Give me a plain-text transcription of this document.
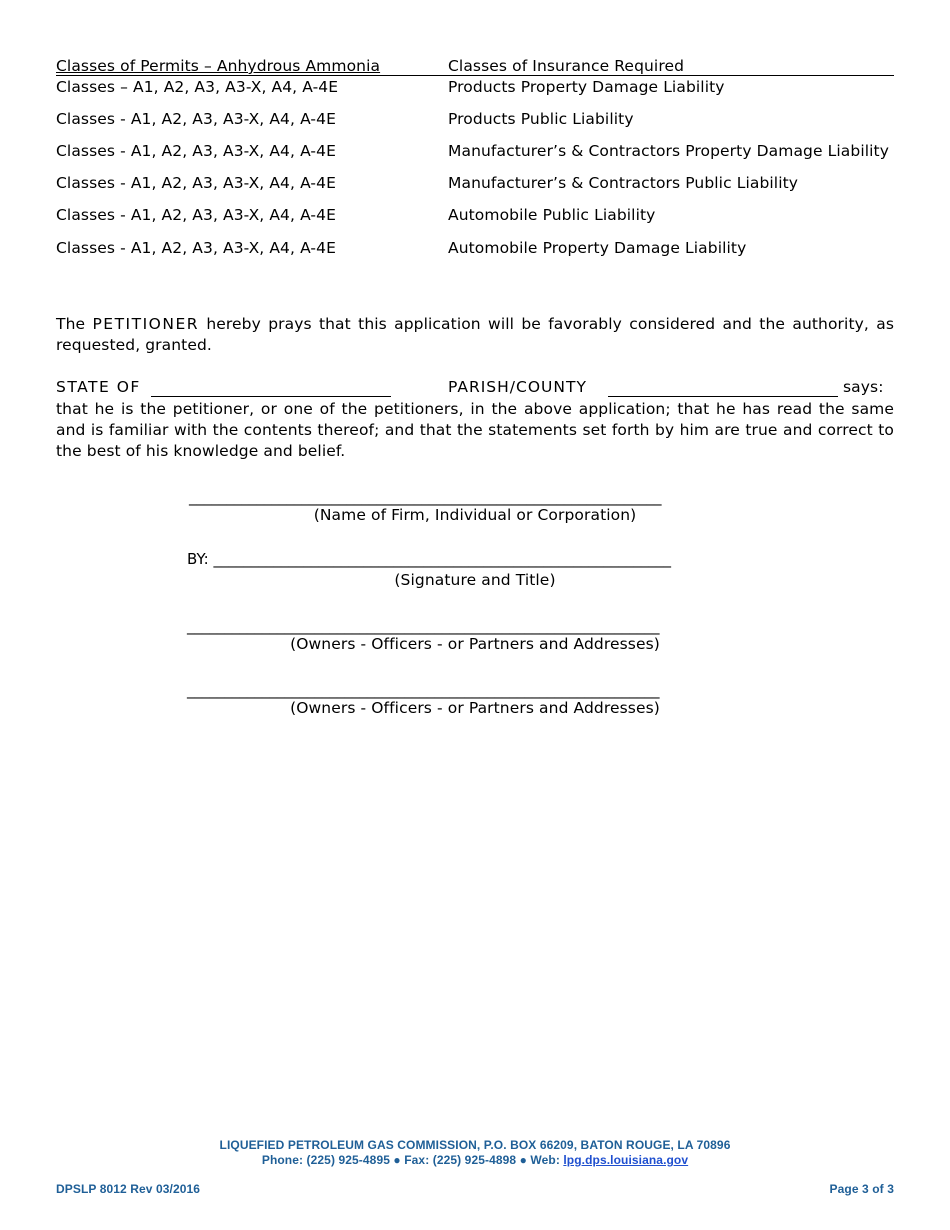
Classes of Permits – Anhydrous Ammonia	Classes of Insurance Required
Classes – A1, A2, A3, A3-X, A4, A-4E	Products Property Damage Liability
Classes - A1, A2, A3, A3-X, A4, A-4E	Products Public Liability
Classes - A1, A2, A3, A3-X, A4, A-4E	Manufacturer’s & Contractors Property Damage Liability
Classes - A1, A2, A3, A3-X, A4, A-4E	Manufacturer’s & Contractors Public Liability
Classes - A1, A2, A3, A3-X, A4, A-4E	Automobile Public Liability
Classes - A1, A2, A3, A3-X, A4, A-4E	Automobile Property Damage Liability
The PETITIONER hereby prays that this application will be favorably considered and the authority, as requested, granted.
STATE OF	PARISH/COUNTY	says:
that he is the petitioner, or one of the petitioners, in the above application; that he has read the same and is familiar with the contents thereof; and that the statements set forth by him are true and correct to the best of his knowledge and belief.
_______________________________________________________________
(Name of Firm, Individual or Corporation)
BY: _____________________________________________________________
(Signature and Title)
_______________________________________________________________
(Owners - Officers - or Partners and Addresses)
_______________________________________________________________
(Owners - Officers - or Partners and Addresses)
LIQUEFIED PETROLEUM GAS COMMISSION, P.O. BOX 66209, BATON ROUGE, LA 70896
Phone: (225) 925-4895 ● Fax: (225) 925-4898 ● Web: lpg.dps.louisiana.gov
DPSLP 8012 Rev 03/2016	Page 3 of 3
